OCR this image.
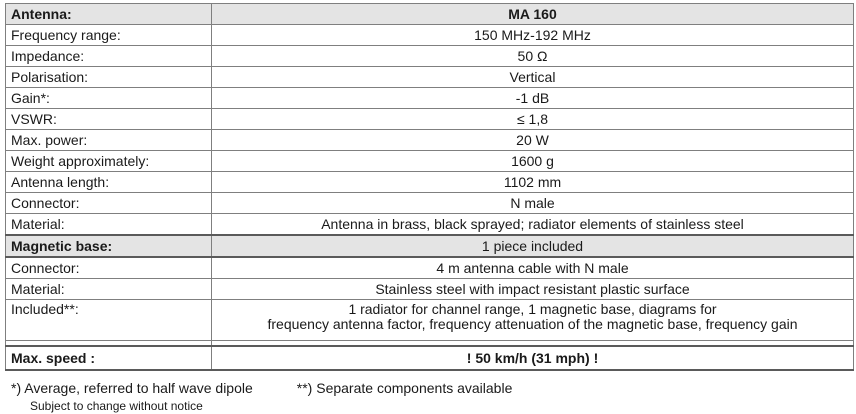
Antenna:	MA 160
Frequency range:	150 MHz-192 MHz
Impedance:	50 Ω
Polarisation:	Vertical
Gain*:	-1 dB
VSWR:	≤ 1,8
Max. power:	20 W
Weight approximately:	1600 g
Antenna length:	1102 mm
Connector:	N male
Material:	Antenna in brass, black sprayed; radiator elements of stainless steel
Magnetic base:	1 piece included
Connector:	4 m antenna cable with N male
Material:	Stainless steel with impact resistant plastic surface
Included**:	1 radiator for channel range, 1 magnetic base, diagrams for
frequency antenna factor, frequency attenuation of the magnetic base, frequency gain

Max. speed :	! 50 km/h (31 mph) !
*) Average, referred to half wave dipole	**) Separate components available
Subject to change without notice
